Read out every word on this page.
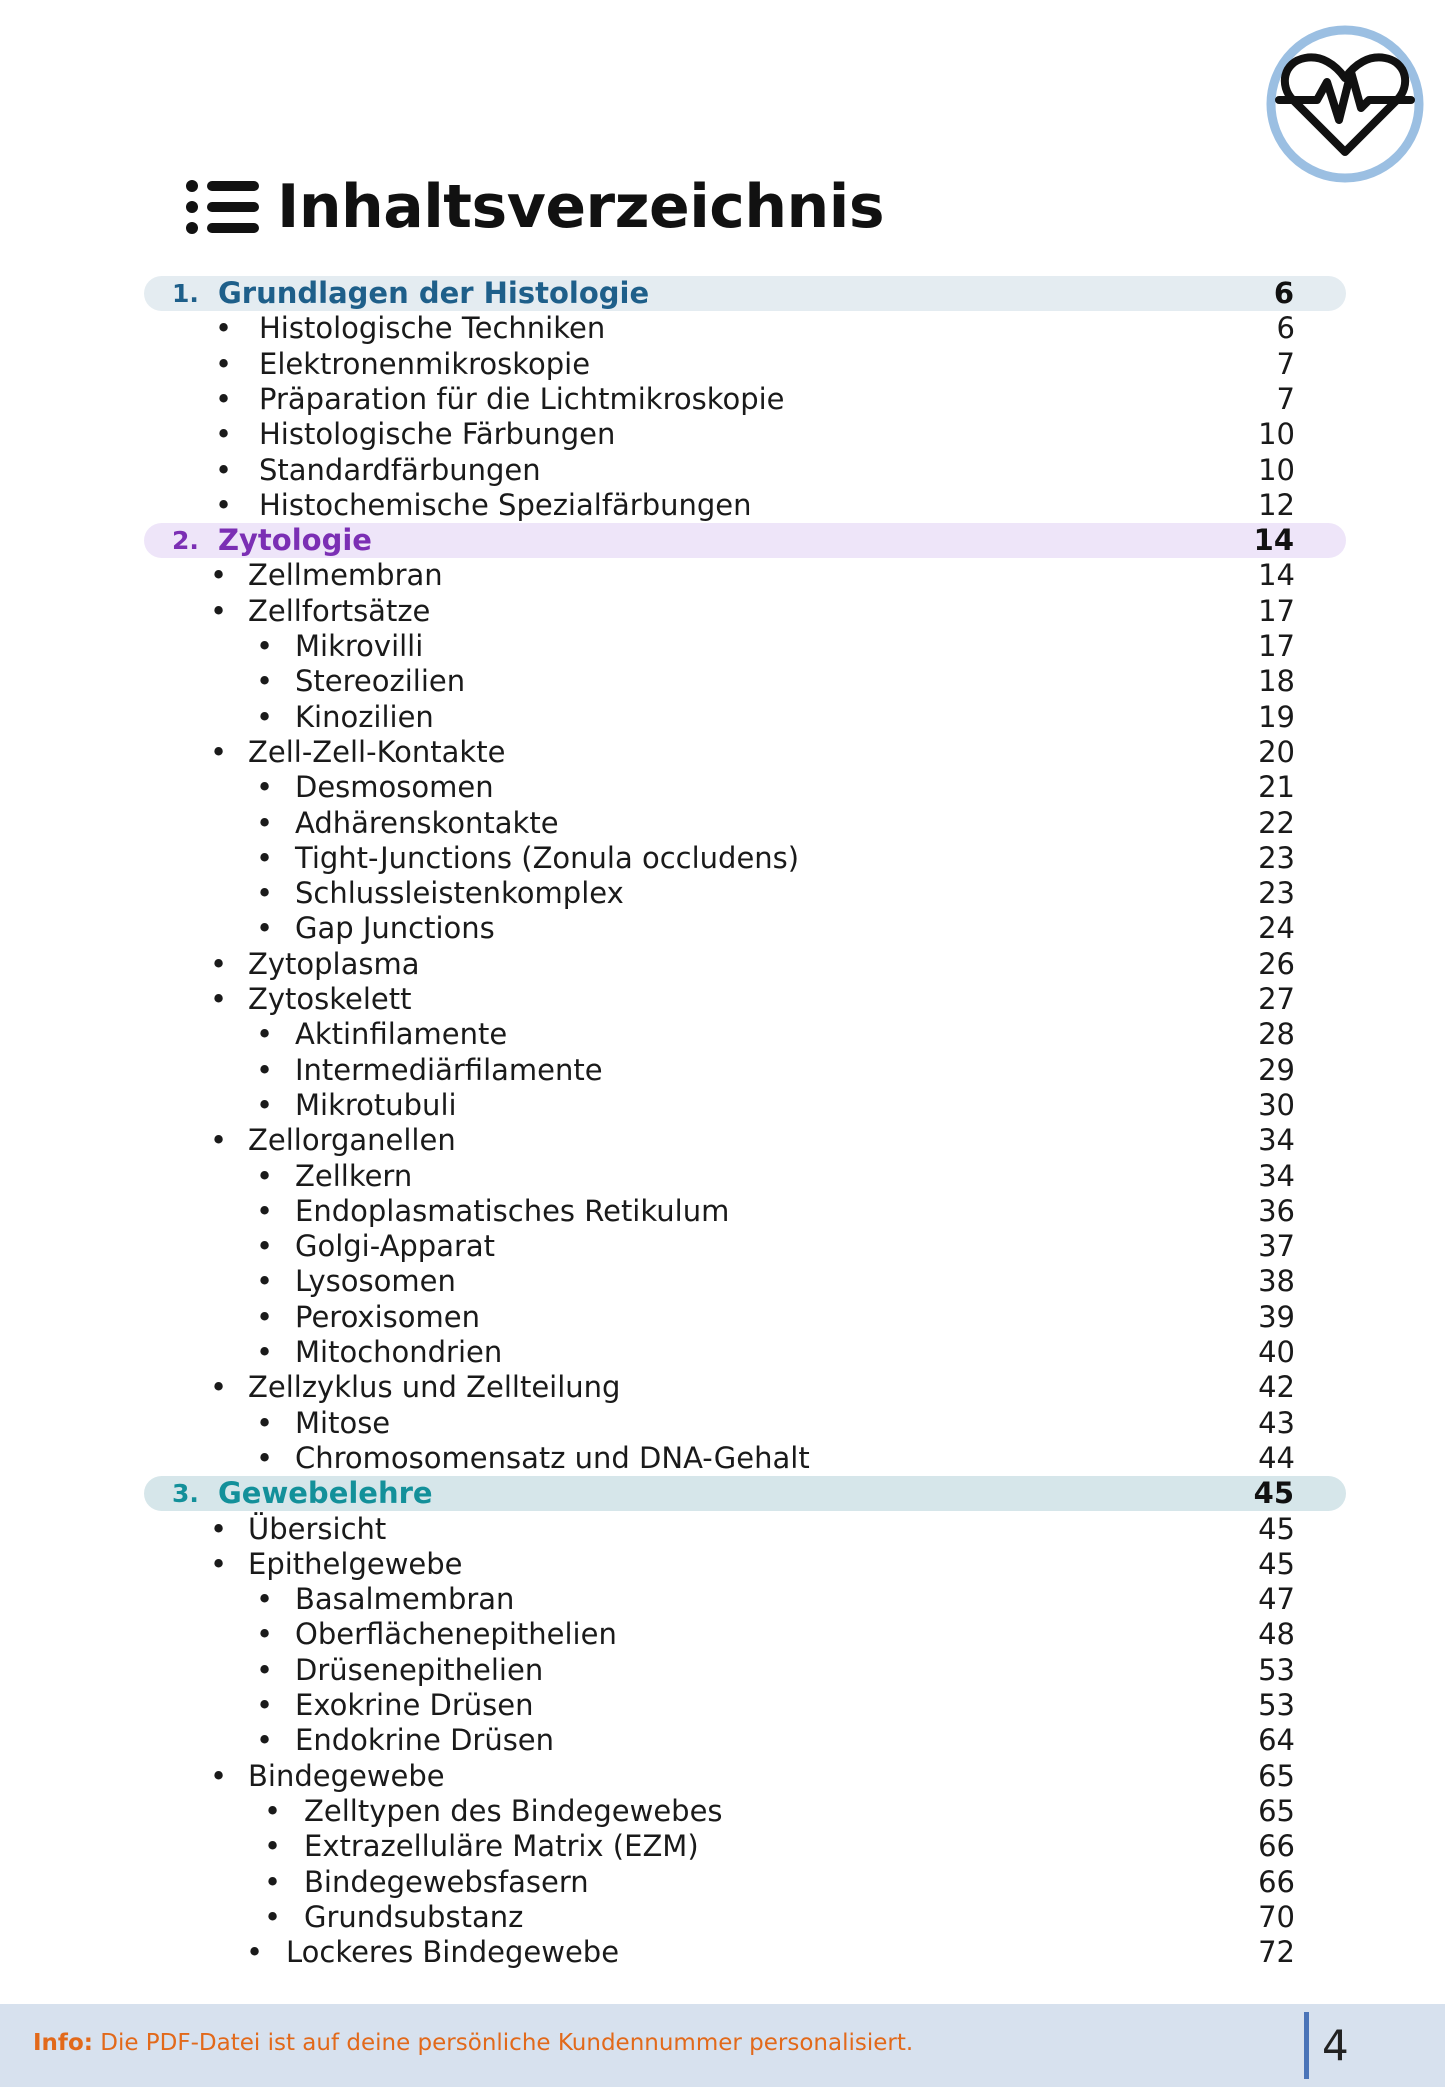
Inhaltsverzeichnis
1. Grundlagen der Histologie	6
• Histologische Techniken	6
• Elektronenmikroskopie	7
• Präparation für die Lichtmikroskopie	7
• Histologische Färbungen	10
• Standardfärbungen	10
• Histochemische Spezialfärbungen	12
2. Zytologie	14
• Zellmembran	14
• Zellfortsätze	17
• Mikrovilli	17
• Stereozilien	18
• Kinozilien	19
• Zell-Zell-Kontakte	20
• Desmosomen	21
• Adhärenskontakte	22
• Tight-Junctions (Zonula occludens)	23
• Schlussleistenkomplex	23
• Gap Junctions	24
• Zytoplasma	26
• Zytoskelett	27
• Aktinfilamente	28
• Intermediärfilamente	29
• Mikrotubuli	30
• Zellorganellen	34
• Zellkern	34
• Endoplasmatisches Retikulum	36
• Golgi-Apparat	37
• Lysosomen	38
• Peroxisomen	39
• Mitochondrien	40
• Zellzyklus und Zellteilung	42
• Mitose	43
• Chromosomensatz und DNA-Gehalt	44
3. Gewebelehre	45
• Übersicht	45
• Epithelgewebe	45
• Basalmembran	47
• Oberflächenepithelien	48
• Drüsenepithelien	53
• Exokrine Drüsen	53
• Endokrine Drüsen	64
• Bindegewebe	65
• Zelltypen des Bindegewebes	65
• Extrazelluläre Matrix (EZM)	66
• Bindegewebsfasern	66
• Grundsubstanz	70
• Lockeres Bindegewebe	72
Info: Die PDF-Datei ist auf deine persönliche Kundennummer personalisiert.	4
